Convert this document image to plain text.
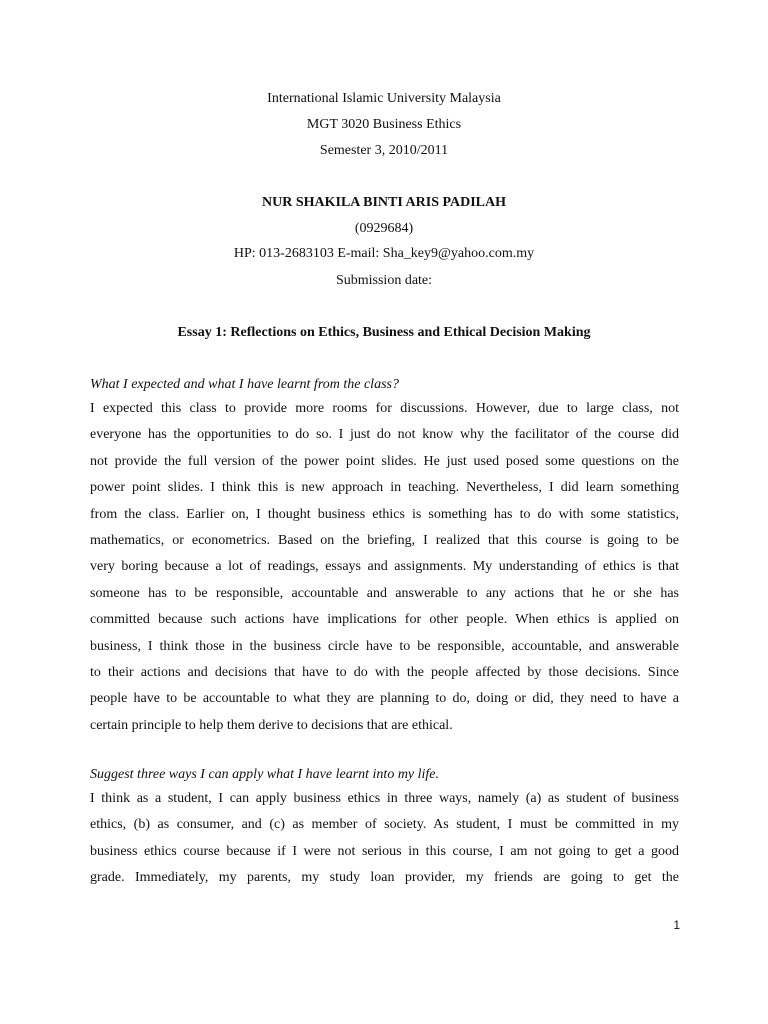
International Islamic University Malaysia
MGT 3020 Business Ethics
Semester 3, 2010/2011
NUR SHAKILA BINTI ARIS PADILAH
(0929684)
HP: 013-2683103 E-mail: Sha_key9@yahoo.com.my
Submission date:
Essay 1: Reflections on Ethics, Business and Ethical Decision Making
What I expected and what I have learnt from the class?

I expected this class to provide more rooms for discussions. However, due to large class, not
everyone has the opportunities to do so. I just do not know why the facilitator of the course did
not provide the full version of the power point slides. He just used posed some questions on the
power point slides. I think this is new approach in teaching. Nevertheless, I did learn something
from the class. Earlier on, I thought business ethics is something has to do with some statistics,
mathematics, or econometrics. Based on the briefing, I realized that this course is going to be
very boring because a lot of readings, essays and assignments. My understanding of ethics is that
someone has to be responsible, accountable and answerable to any actions that he or she has
committed because such actions have implications for other people. When ethics is applied on
business, I think those in the business circle have to be responsible, accountable, and answerable
to their actions and decisions that have to do with the people affected by those decisions. Since
people have to be accountable to what they are planning to do, doing or did, they need to have a
certain principle to help them derive to decisions that are ethical.

Suggest three ways I can apply what I have learnt into my life.

I think as a student, I can apply business ethics in three ways, namely (a) as student of business
ethics, (b) as consumer, and (c) as member of society. As student, I must be committed in my
business ethics course because if I were not serious in this course, I am not going to get a good
grade. Immediately, my parents, my study loan provider, my friends are going to get the

1
